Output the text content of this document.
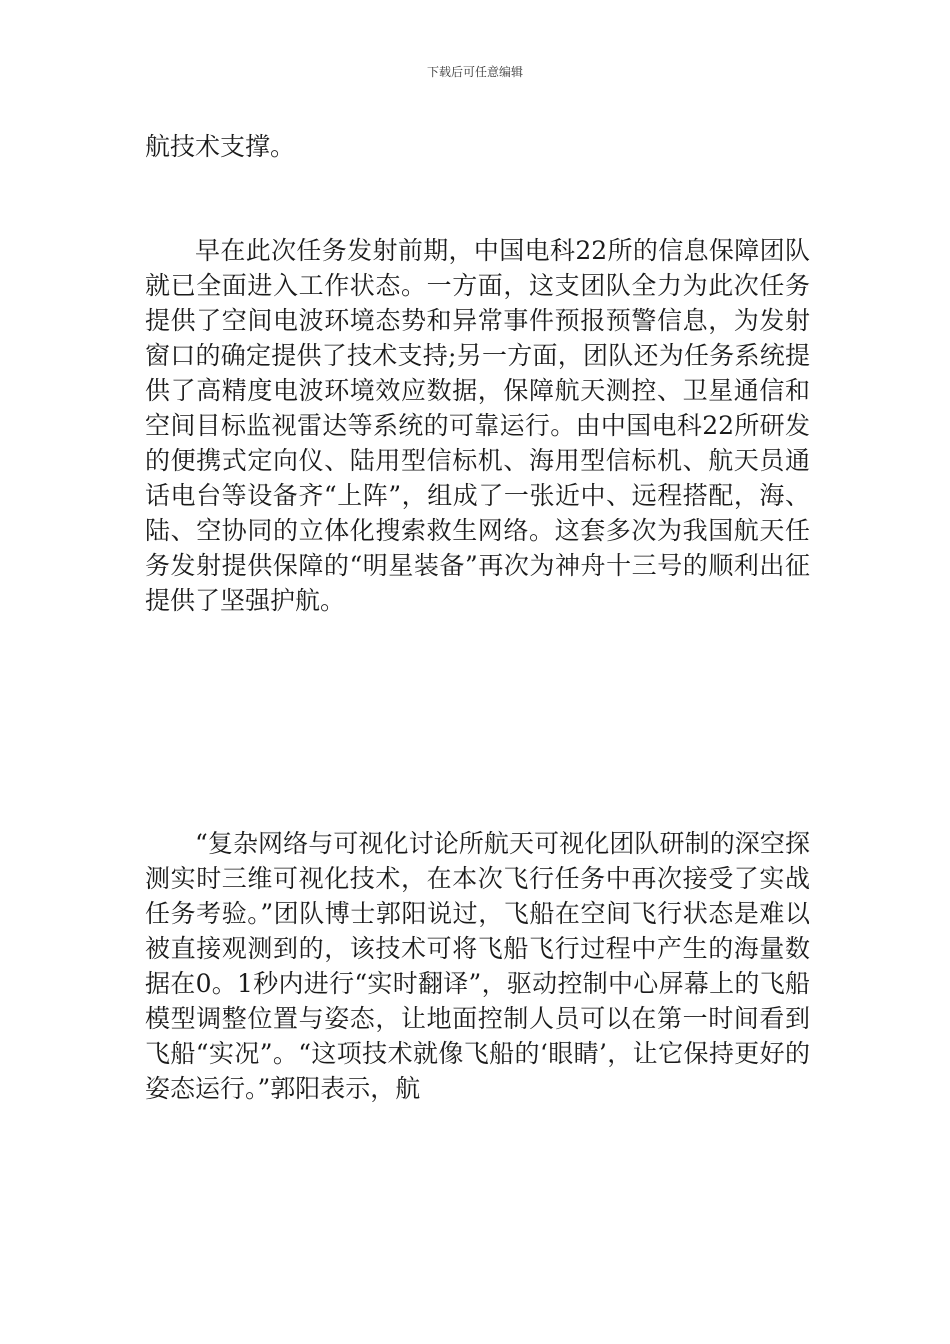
下载后可任意编辑

航技术支撑。

早在此次任务发射前期，中国电科22所的信息保障团队就已全面进入工作状态。一方面，这支团队全力为此次任务提供了空间电波环境态势和异常事件预报预警信息，为发射窗口的确定提供了技术支持;另一方面，团队还为任务系统提供了高精度电波环境效应数据，保障航天测控、卫星通信和空间目标监视雷达等系统的可靠运行。由中国电科22所研发的便携式定向仪、陆用型信标机、海用型信标机、航天员通话电台等设备齐“上阵”，组成了一张近中、远程搭配，海、陆、空协同的立体化搜索救生网络。这套多次为我国航天任务发射提供保障的“明星装备”再次为神舟十三号的顺利出征提供了坚强护航。

“复杂网络与可视化讨论所航天可视化团队研制的深空探测实时三维可视化技术，在本次飞行任务中再次接受了实战任务考验。”团队博士郭阳说过，飞船在空间飞行状态是难以被直接观测到的，该技术可将飞船飞行过程中产生的海量数据在0。1秒内进行“实时翻译”，驱动控制中心屏幕上的飞船模型调整位置与姿态，让地面控制人员可以在第一时间看到飞船“实况”。“这项技术就像飞船的‘眼睛’，让它保持更好的姿态运行。”郭阳表示，航
